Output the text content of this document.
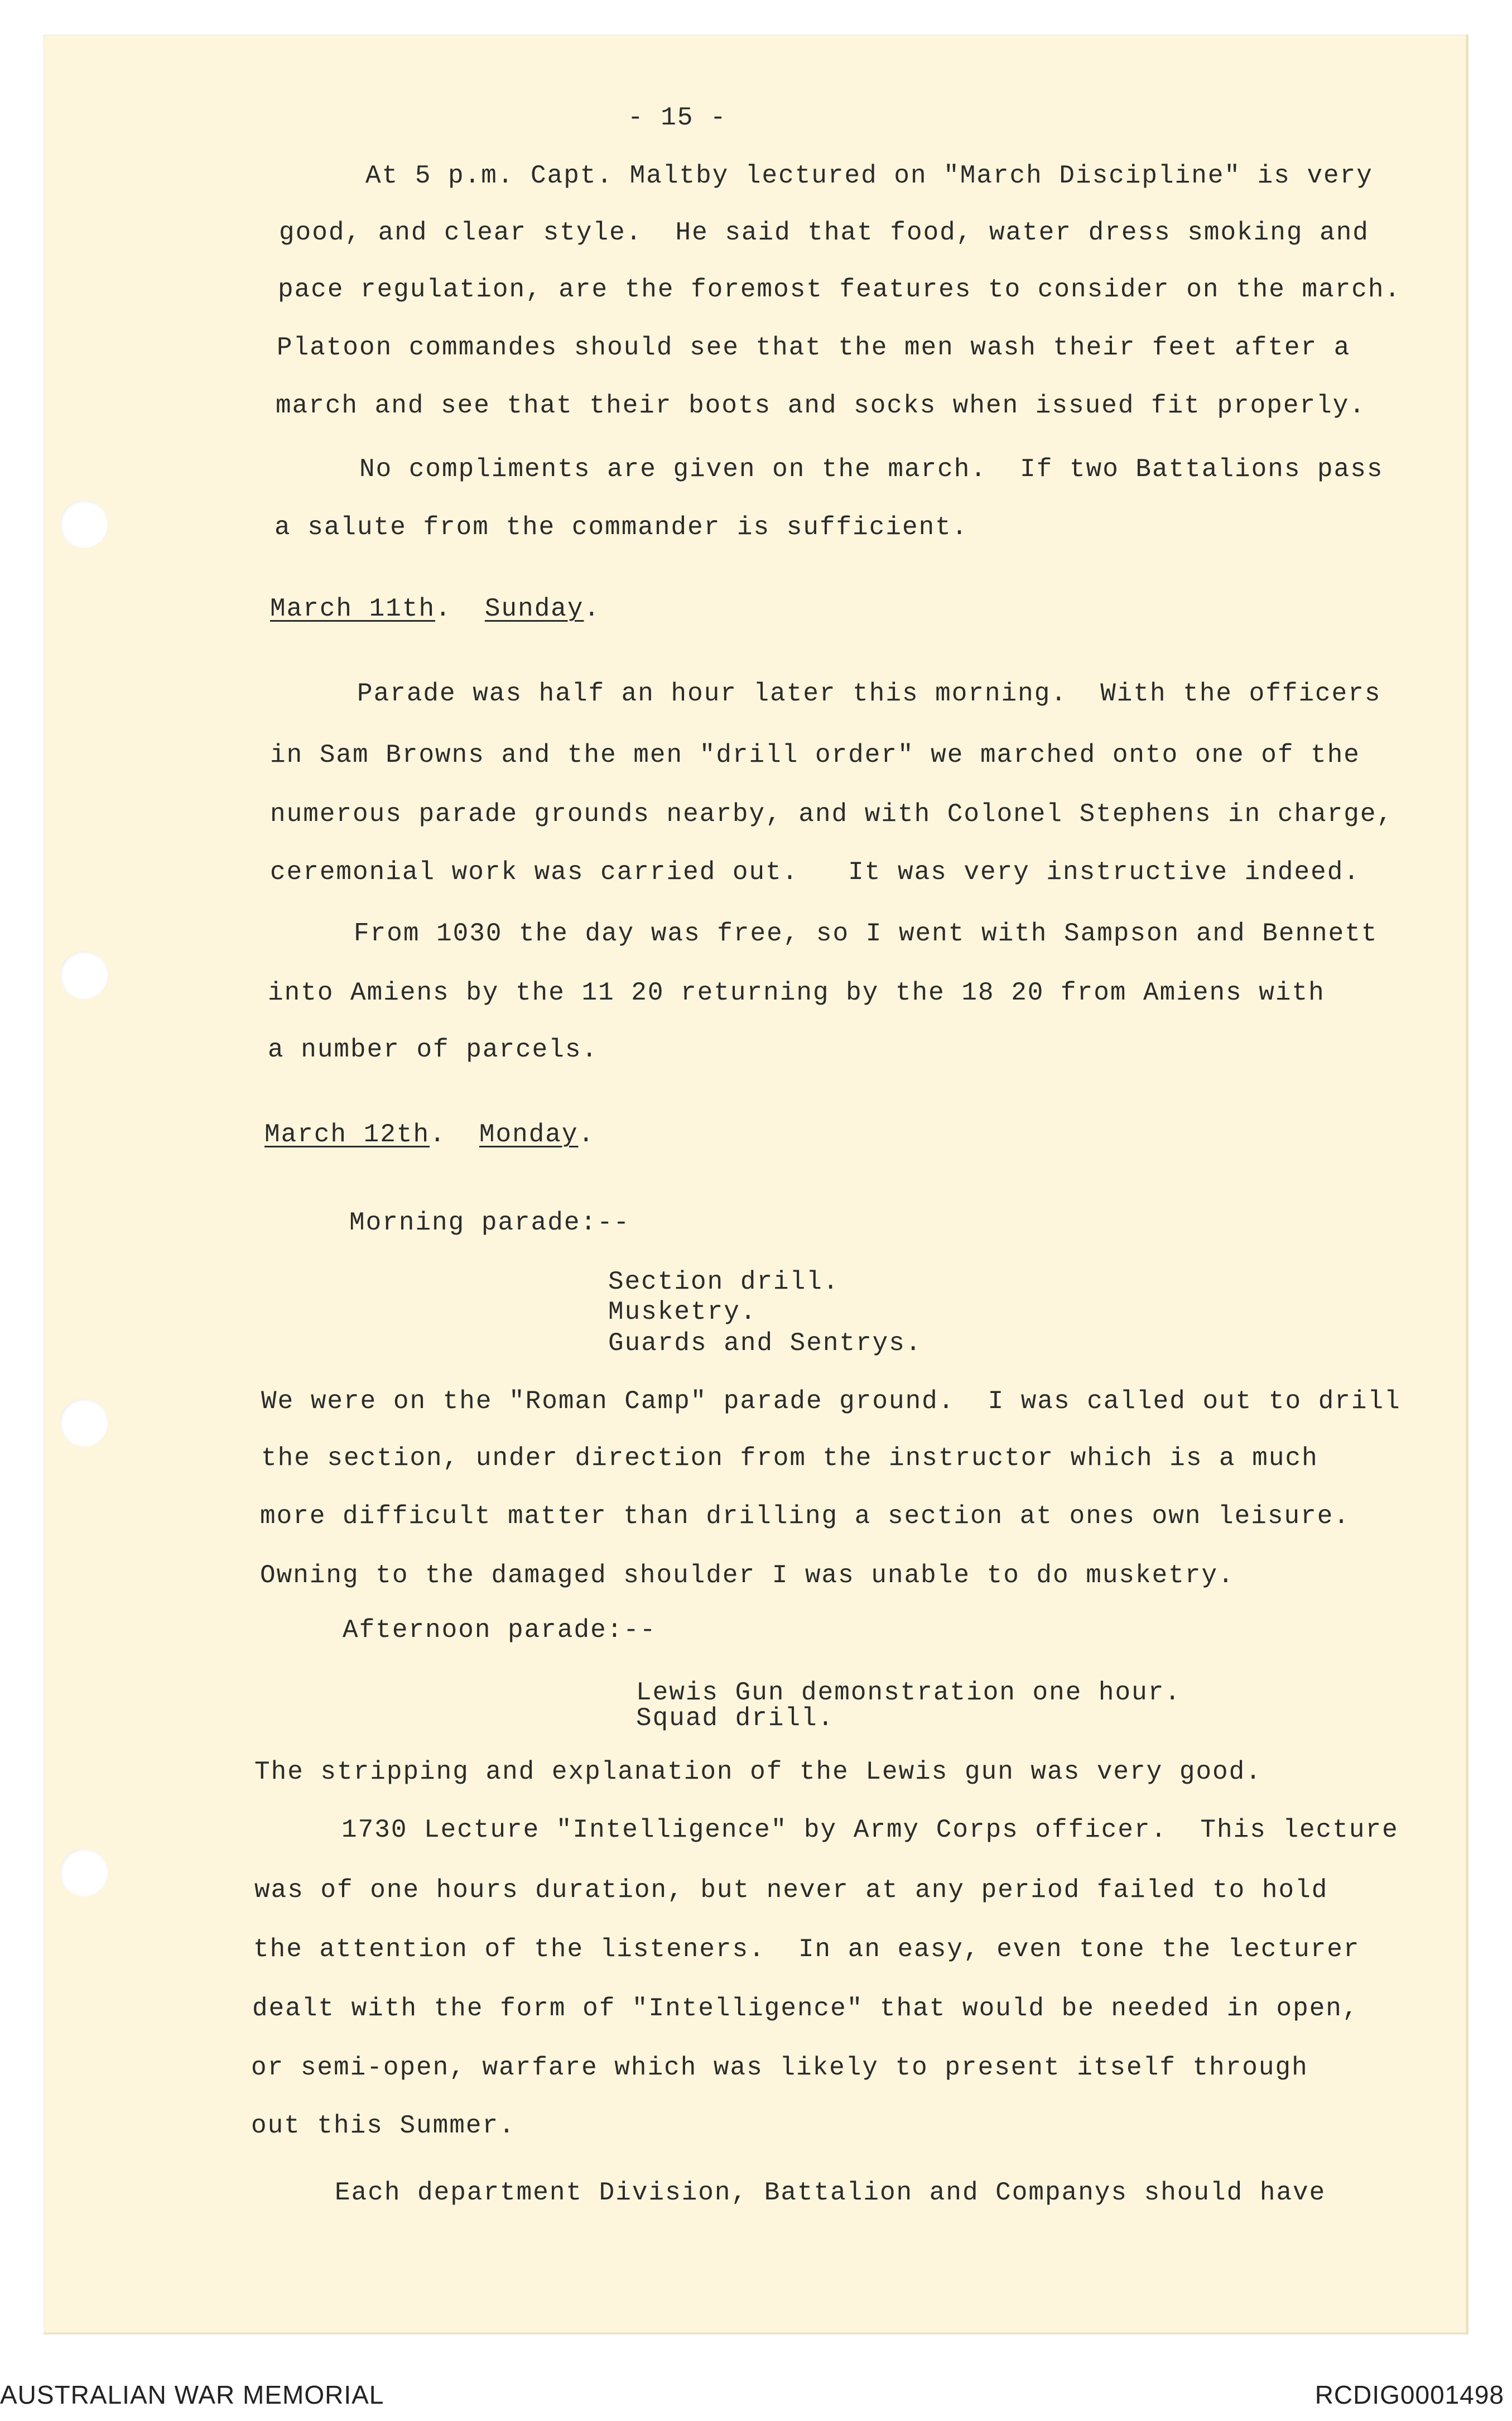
- 15 -
At 5 p.m. Capt. Maltby lectured on "March Discipline" is very
good, and clear style.  He said that food, water dress smoking and
pace regulation, are the foremost features to consider on the march.
Platoon commandes should see that the men wash their feet after a
march and see that their boots and socks when issued fit properly.
No compliments are given on the march.  If two Battalions pass
a salute from the commander is sufficient.
March 11th.  Sunday.
Parade was half an hour later this morning.  With the officers
in Sam Browns and the men "drill order" we marched onto one of the
numerous parade grounds nearby, and with Colonel Stephens in charge,
ceremonial work was carried out.   It was very instructive indeed.
From 1030 the day was free, so I went with Sampson and Bennett
into Amiens by the 11 20 returning by the 18 20 from Amiens with
a number of parcels.
March 12th.  Monday.
Morning parade:--
Section drill.
Musketry.
Guards and Sentrys.
We were on the "Roman Camp" parade ground.  I was called out to drill
the section, under direction from the instructor which is a much
more difficult matter than drilling a section at ones own leisure.
Owning to the damaged shoulder I was unable to do musketry.
Afternoon parade:--
Lewis Gun demonstration one hour.
Squad drill.
The stripping and explanation of the Lewis gun was very good.
1730 Lecture "Intelligence" by Army Corps officer.  This lecture
was of one hours duration, but never at any period failed to hold
the attention of the listeners.  In an easy, even tone the lecturer
dealt with the form of "Intelligence" that would be needed in open,
or semi-open, warfare which was likely to present itself through
out this Summer.
Each department Division, Battalion and Companys should have
AUSTRALIAN WAR MEMORIAL	RCDIG0001498
